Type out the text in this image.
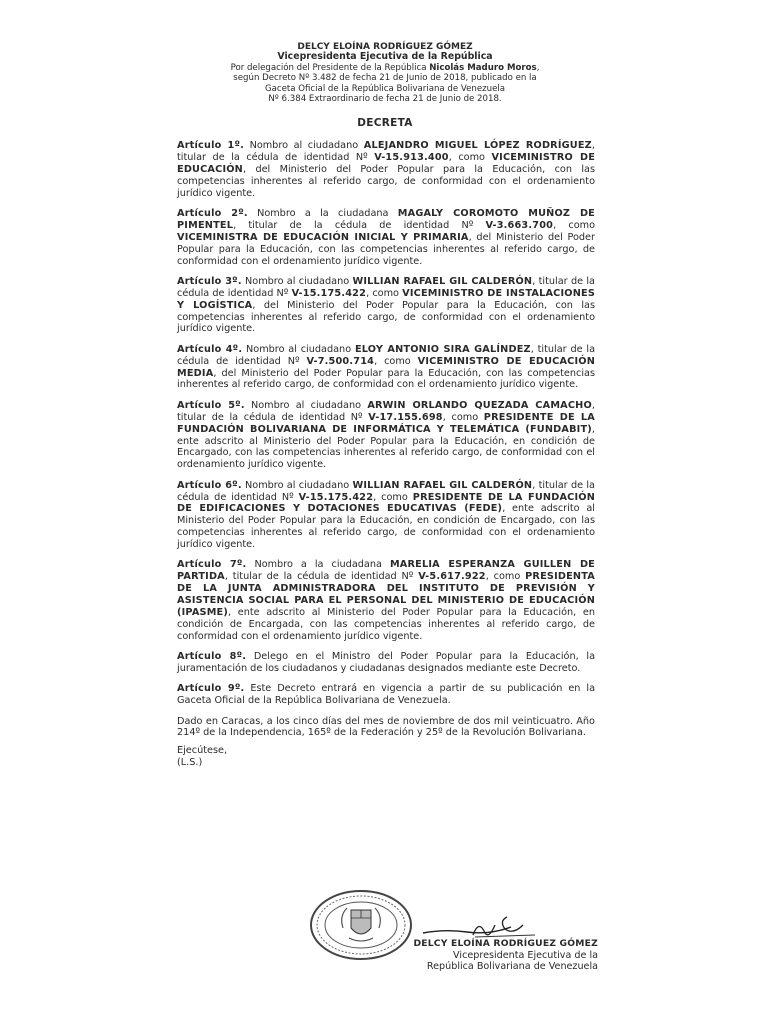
DELCY ELOÍNA RODRÍGUEZ GÓMEZ
Vicepresidenta Ejecutiva de la República
Por delegación del Presidente de la República Nicolás Maduro Moros,
según Decreto Nº 3.482 de fecha 21 de Junio de 2018, publicado en la
Gaceta Oficial de la República Bolivariana de Venezuela
Nº 6.384 Extraordinario de fecha 21 de Junio de 2018.
DECRETA

Artículo 1º. Nombro al ciudadano ALEJANDRO MIGUEL LÓPEZ RODRÍGUEZ, titular de la cédula de identidad Nº V-15.913.400, como VICEMINISTRO DE EDUCACIÓN, del Ministerio del Poder Popular para la Educación, con las competencias inherentes al referido cargo, de conformidad con el ordenamiento jurídico vigente.

Artículo 2º. Nombro a la ciudadana MAGALY COROMOTO MUÑOZ DE PIMENTEL, titular de la cédula de identidad Nº V-3.663.700, como VICEMINISTRA DE EDUCACIÓN INICIAL Y PRIMARIA, del Ministerio del Poder Popular para la Educación, con las competencias inherentes al referido cargo, de conformidad con el ordenamiento jurídico vigente.

Artículo 3º. Nombro al ciudadano WILLIAN RAFAEL GIL CALDERÓN, titular de la cédula de identidad Nº V-15.175.422, como VICEMINISTRO DE INSTALACIONES Y LOGÍSTICA, del Ministerio del Poder Popular para la Educación, con las competencias inherentes al referido cargo, de conformidad con el ordenamiento jurídico vigente.

Artículo 4º. Nombro al ciudadano ELOY ANTONIO SIRA GALÍNDEZ, titular de la cédula de identidad Nº V-7.500.714, como VICEMINISTRO DE EDUCACIÓN MEDIA, del Ministerio del Poder Popular para la Educación, con las competencias inherentes al referido cargo, de conformidad con el ordenamiento jurídico vigente.

Artículo 5º. Nombro al ciudadano ARWIN ORLANDO QUEZADA CAMACHO, titular de la cédula de identidad Nº V-17.155.698, como PRESIDENTE DE LA FUNDACIÓN BOLIVARIANA DE INFORMÁTICA Y TELEMÁTICA (FUNDABIT), ente adscrito al Ministerio del Poder Popular para la Educación, en condición de Encargado, con las competencias inherentes al referido cargo, de conformidad con el ordenamiento jurídico vigente.

Artículo 6º. Nombro al ciudadano WILLIAN RAFAEL GIL CALDERÓN, titular de la cédula de identidad Nº V-15.175.422, como PRESIDENTE DE LA FUNDACIÓN DE EDIFICACIONES Y DOTACIONES EDUCATIVAS (FEDE), ente adscrito al Ministerio del Poder Popular para la Educación, en condición de Encargado, con las competencias inherentes al referido cargo, de conformidad con el ordenamiento jurídico vigente.

Artículo 7º. Nombro a la ciudadana MARELIA ESPERANZA GUILLEN DE PARTIDA, titular de la cédula de identidad Nº V-5.617.922, como PRESIDENTA DE LA JUNTA ADMINISTRADORA DEL INSTITUTO DE PREVISIÓN Y ASISTENCIA SOCIAL PARA EL PERSONAL DEL MINISTERIO DE EDUCACIÓN (IPASME), ente adscrito al Ministerio del Poder Popular para la Educación, en condición de Encargada, con las competencias inherentes al referido cargo, de conformidad con el ordenamiento jurídico vigente.

Artículo 8º. Delego en el Ministro del Poder Popular para la Educación, la juramentación de los ciudadanos y ciudadanas designados mediante este Decreto.

Artículo 9º. Este Decreto entrará en vigencia a partir de su publicación en la Gaceta Oficial de la República Bolivariana de Venezuela.

Dado en Caracas, a los cinco días del mes de noviembre de dos mil veinticuatro. Año 214º de la Independencia, 165º de la Federación y 25º de la Revolución Bolivariana.

Ejecútese,

(L.S.)

DELCY ELOÍNA RODRÍGUEZ GÓMEZ
Vicepresidenta Ejecutiva de la
República Bolivariana de Venezuela
